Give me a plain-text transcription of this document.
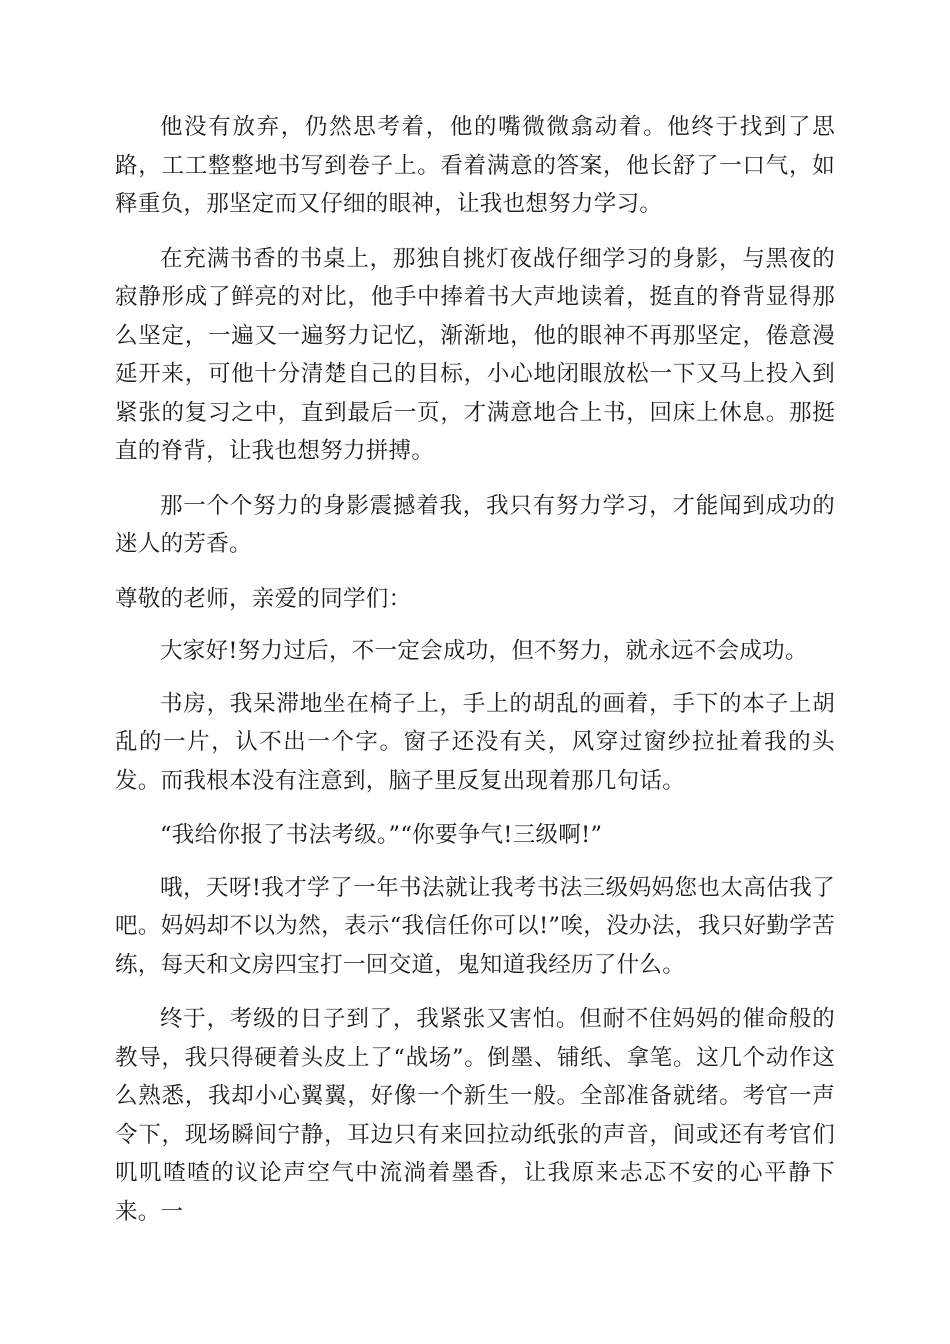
他没有放弃，仍然思考着，他的嘴微微翕动着。他终于找到了思路，工工整整地书写到卷子上。看着满意的答案，他长舒了一口气，如释重负，那坚定而又仔细的眼神，让我也想努力学习。

在充满书香的书桌上，那独自挑灯夜战仔细学习的身影，与黑夜的寂静形成了鲜亮的对比，他手中捧着书大声地读着，挺直的脊背显得那么坚定，一遍又一遍努力记忆，渐渐地，他的眼神不再那坚定，倦意漫延开来，可他十分清楚自己的目标，小心地闭眼放松一下又马上投入到紧张的复习之中，直到最后一页，才满意地合上书，回床上休息。那挺直的脊背，让我也想努力拼搏。

那一个个努力的身影震撼着我，我只有努力学习，才能闻到成功的迷人的芳香。

尊敬的老师，亲爱的同学们：

大家好!努力过后，不一定会成功，但不努力，就永远不会成功。

书房，我呆滞地坐在椅子上，手上的胡乱的画着，手下的本子上胡乱的一片，认不出一个字。窗子还没有关，风穿过窗纱拉扯着我的头发。而我根本没有注意到，脑子里反复出现着那几句话。

“我给你报了书法考级。”“你要争气!三级啊!”

哦，天呀!我才学了一年书法就让我考书法三级妈妈您也太高估我了吧。妈妈却不以为然，表示“我信任你可以!”唉，没办法，我只好勤学苦练，每天和文房四宝打一回交道，鬼知道我经历了什么。

终于，考级的日子到了，我紧张又害怕。但耐不住妈妈的催命般的教导，我只得硬着头皮上了“战场”。倒墨、铺纸、拿笔。这几个动作这么熟悉，我却小心翼翼，好像一个新生一般。全部准备就绪。考官一声令下，现场瞬间宁静，耳边只有来回拉动纸张的声音，间或还有考官们叽叽喳喳的议论声空气中流淌着墨香，让我原来忐忑不安的心平静下来。一
